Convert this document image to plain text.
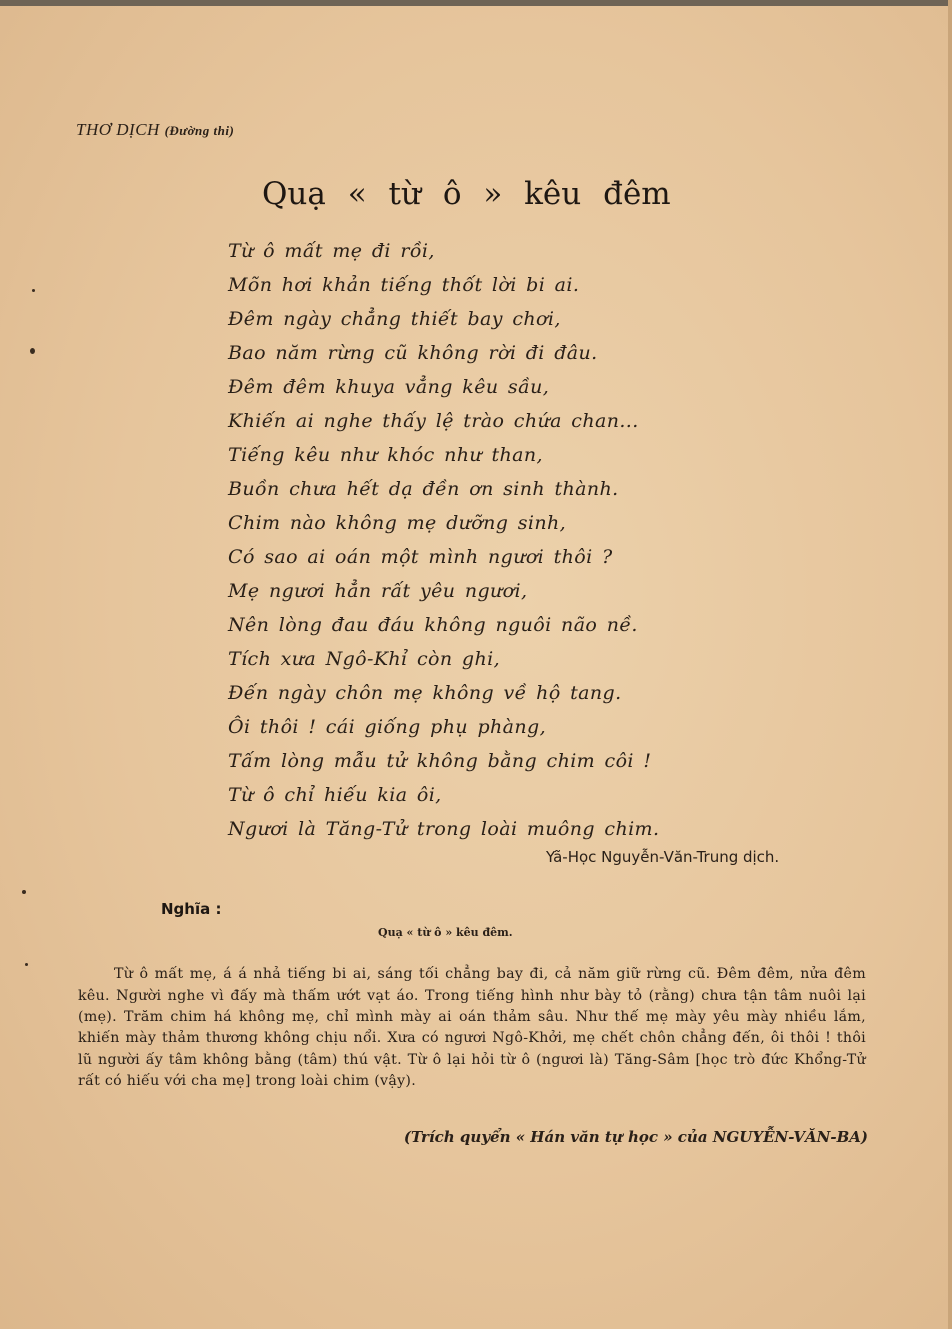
THƠ DỊCH (Đường thi)
Quạ « từ ô » kêu đêm
Từ ô mất mẹ đi rồi,
Mõn hơi khản tiếng thốt lời bi ai.
Đêm ngày chẳng thiết bay chơi,
Bao năm rừng cũ không rời đi đâu.
Đêm đêm khuya vẳng kêu sầu,
Khiến ai nghe thấy lệ trào chứa chan...
Tiếng kêu như khóc như than,
Buồn chưa hết dạ đền ơn sinh thành.
Chim nào không mẹ dưỡng sinh,
Có sao ai oán một mình ngươi thôi ?
Mẹ ngươi hẳn rất yêu ngươi,
Nên lòng đau đáu không nguôi não nề.
Tích xưa Ngô-Khỉ còn ghi,
Đến ngày chôn mẹ không về hộ tang.
Ôi thôi ! cái giống phụ phàng,
Tấm lòng mẫu tử không bằng chim côi !
Từ ô chỉ hiếu kia ôi,
Ngươi là Tăng-Tử trong loài muông chim.
Yã-Học Nguyễn-Văn-Trung dịch.
Nghĩa :
Quạ « từ ô » kêu đêm.

Từ ô mất mẹ, á á nhả tiếng bi ai, sáng tối chẳng bay đi, cả năm giữ rừng cũ. Đêm đêm, nửa đêm kêu. Người nghe vì đấy mà thấm ướt vạt áo. Trong tiếng hình như bày tỏ (rằng) chưa tận tâm nuôi lại (mẹ). Trăm chim há không mẹ, chỉ mình mày ai oán thảm sâu. Như thế mẹ mày yêu mày nhiều lắm, khiến mày thảm thương không chịu nổi. Xưa có ngươi Ngô-Khởi, mẹ chết chôn chẳng đến, ôi thôi ! thôi lũ người ấy tâm không bằng (tâm) thú vật. Từ ô lại hỏi từ ô (ngươi là) Tăng-Sâm [học trò đức Khổng-Tử rất có hiếu với cha mẹ] trong loài chim (vậy).

(Trích quyển « Hán văn tự học » của NGUYỄN-VĂN-BA)
